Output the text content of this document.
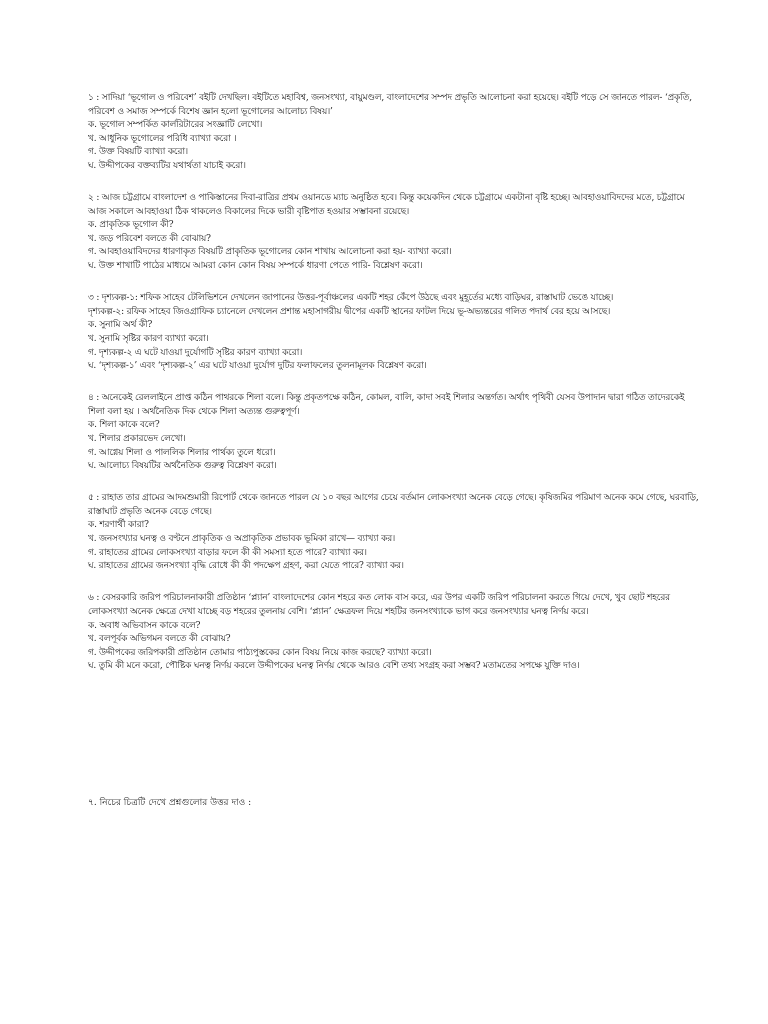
১ : সাদিয়া ‘ভূগোল ও পরিবেশ’ বইটি দেখছিল। বইটিতে মহাবিশ্ব, জনসংখ্যা, বায়ুমণ্ডল, বাংলাদেশের সম্পদ প্রভৃতি আলোচনা করা হয়েছে। বইটি পড়ে সে জানতে পারল- ‘প্রকৃতি, পরিবেশ ও সমাজ সম্পর্কে বিশেষ জ্ঞান হলো ভূগোলের আলোচ্য বিষয়।’

ক. ভূগোল সম্পর্কিত কার্লরিটারের সংজ্ঞাটি লেখো।

খ. আধুনিক ভূগোলের পরিধি ব্যাখ্যা করো ।

গ. উক্ত বিষয়টি ব্যাখ্যা করো।

ঘ. উদ্দীপকের বক্তব্যটির যথার্থতা যাচাই করো।

২ : আজ চট্টগ্রামে বাংলাদেশ ও পাকিস্তানের দিবা-রাত্রির প্রথম ওয়ানডে ম্যাচ অনুষ্ঠিত হবে। কিন্তু কয়েকদিন থেকে চট্টগ্রামে একটানা বৃষ্টি হচ্ছে। আবহাওয়াবিদদের মতে, চট্টগ্রামে আজ সকালে আবহাওয়া ঠিক থাকলেও বিকালের দিকে ভারী বৃষ্টিপাত হওয়ার সম্ভাবনা রয়েছে।

ক. প্রাকৃতিক ভূগোল কী?

খ. জড় পরিবেশ বলতে কী বোঝায়?

গ. আবহাওয়াবিদদের ধারণাকৃত বিষয়টি প্রাকৃতিক ভূগোলের কোন শাখায় আলোচনা করা হয়- ব্যাখ্যা করো।

ঘ. উক্ত শাখাটি পাঠের মাধ্যমে আমরা কোন কোন বিষয় সম্পর্কে ধারণা পেতে পারি- বিশ্লেষণ করো।

৩ : দৃশ্যকল্প-১: শফিক সাহেব টেলিভিশনে দেখলেন জাপানের উত্তর-পূর্বাঞ্চলের একটি শহর কেঁপে উঠছে এবং মুহূর্তের মধ্যে বাড়িঘর, রাস্তাঘাট ভেঙে যাচ্ছে।

দৃশ্যকল্প-২: রফিক সাহেব জিওগ্রাফিক চ্যানেলে দেখলেন প্রশান্ত মহাসাগরীয় দ্বীপের একটি স্থানের ফাটল দিয়ে ভূ-অভ্যন্তরের গলিত পদার্থ বের হয়ে আসছে।

ক. সুনামি অর্থ কী?

খ. সুনামি সৃষ্টির কারণ ব্যাখ্যা করো।

গ. দৃশ্যকল্প-২ এ ঘটে যাওয়া দুর্যোগটি সৃষ্টির কারণ ব্যাখ্যা করো।

ঘ. ‘দৃশ্যকল্প-১’ এবং ‘দৃশ্যকল্প-২’ এর ঘটে যাওয়া দুর্যোগ দুটির ফলাফলের তুলনামূলক বিশ্লেষণ করো।

৪ : অনেকেই রেললাইনে প্রাপ্ত কঠিন পাথরকে শিলা বলে। কিন্তু প্রকৃতপক্ষে কঠিন, কোমল, বালি, কাদা সবই শিলার অন্তর্গত। অর্থাৎ পৃথিবী যেসব উপাদান দ্বারা গঠিত তাদেরকেই শিলা বলা হয় । অর্থনৈতিক দিক থেকে শিলা অত্যন্ত গুরুত্বপূর্ণ।

ক. শিলা কাকে বলে?

খ. শিলার প্রকারভেদ লেখো।

গ. আগ্নেয় শিলা ও পাললিক শিলার পার্থক্য তুলে ধরো।

ঘ. আলোচ্য বিষয়টির অর্থনৈতিক গুরুত্ব বিশ্লেষণ করো।

৫ : রাহাত তার গ্রামের আদমশুমারী রিপোর্ট থেকে জানতে পারল যে ১০ বছর আগের চেয়ে বর্তমান লোকসংখ্যা অনেক বেড়ে গেছে। কৃষিজমির পরিমাণ অনেক কমে গেছে, ঘরবাড়ি, রাস্তাঘাট প্রভৃতি অনেক বেড়ে গেছে।

ক. শরণার্থী কারা?

খ. জনসংখ্যার ঘনত্ব ও বণ্টনে প্রাকৃতিক ও অপ্রাকৃতিক প্রভাবক ভূমিকা রাখে— ব্যাখ্যা কর।

গ. রাহাতের গ্রামের লোকসংখ্যা বাড়ার ফলে কী কী সমস্যা হতে পারে? ব্যাখ্যা কর।

ঘ. রাহাতের গ্রামের জনসংখ্যা বৃদ্ধি রোধে কী কী পদক্ষেপ গ্রহণ, করা যেতে পারে? ব্যাখ্যা কর।

৬ : বেসরকারি জরিপ পরিচালনাকারী প্রতিষ্ঠান ‘প্ল্যান’ বাংলাদেশের কোন শহরে কত লোক বাস করে, এর উপর একটি জরিপ পরিচালনা করতে গিয়ে দেখে, খুব ছোট শহরের লোকসংখ্যা অনেক ক্ষেত্রে দেখা যাচ্ছে বড় শহরের তুলনায় বেশি। ‘প্ল্যান’ ক্ষেত্রফল দিয়ে শহটির জনসংখ্যাকে ভাগ করে জনসংখ্যার ঘনত্ব নির্ণয় করে।

ক. অবাধ অভিবাসন কাকে বলে?

খ. বলপূর্বক অভিগমন বলতে কী বোঝায়?

গ. উদ্দীপকের জরিপকারী প্রতিষ্ঠান তোমার পাঠ্যপুস্তকের কোন বিষয় নিয়ে কাজ করছে? ব্যাখ্যা করো।

ঘ. তুমি কী মনে করো, পৌষ্টিক ঘনত্ব নির্ণয় করলে উদ্দীপকের ঘনত্ব নির্ণয় থেকে আরও বেশি তথ্য সংগ্রহ করা সম্ভব? মতামতের সপক্ষে যুক্তি দাও।

৭. নিচের চিত্রটি দেখে প্রশ্নগুলোর উত্তর দাও :
